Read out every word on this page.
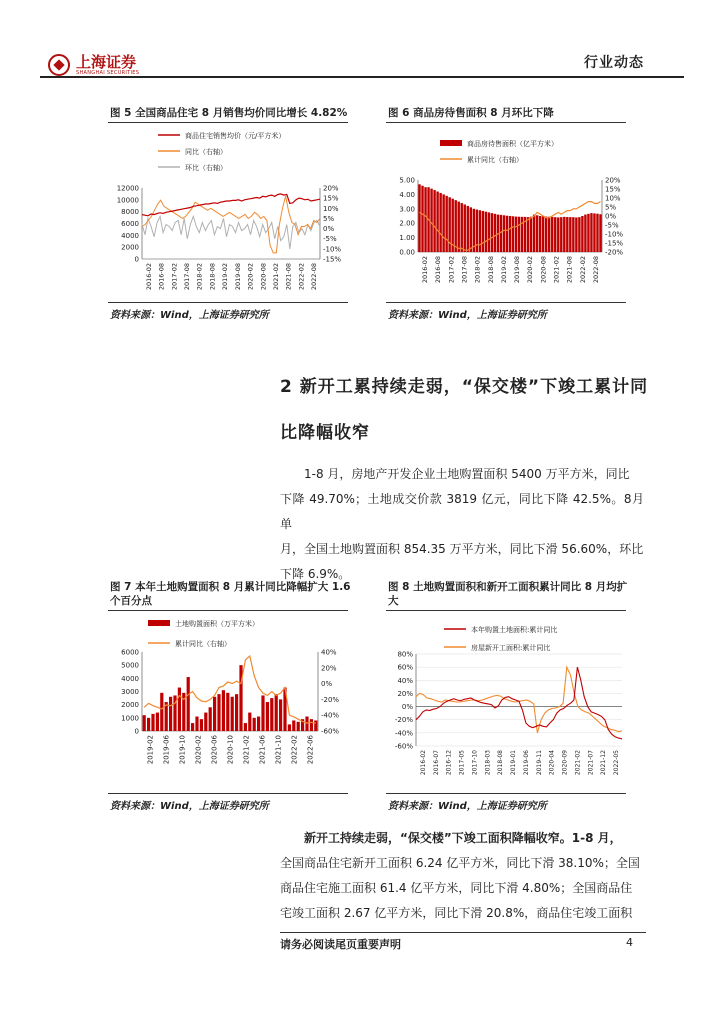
上海证券
SHANGHAI SECURITIES
行业动态
图 5 全国商品住宅 8 月销售均价同比增长 4.82%
商品住宅销售均价（元/平方米）
同比（右轴）
环比（右轴）
12000
10000
8000
6000
4000
2000
0
20%
15%
10%
5%
0%
-5%
-10%
-15%
2016-02 2016-08 2017-02 2017-08 2018-02 2018-08 2019-02 2019-08 2020-02 2020-08 2021-02 2021-08 2022-02 2022-08
资料来源：Wind，上海证券研究所
图 6 商品房待售面积 8 月环比下降
商品房待售面积（亿平方米）
累计同比（右轴）
5.00
4.00
3.00
2.00
1.00
0.00
20%
15%
10%
5%
0%
-5%
-10%
-15%
-20%
2016-02 2016-08 2017-02 2017-08 2018-02 2018-08 2019-02 2019-08 2020-02 2020-08 2021-02 2021-08 2022-02 2022-08
资料来源：Wind，上海证券研究所
2 新开工累持续走弱，“保交楼”下竣工累计同
比降幅收窄
1-8 月，房地产开发企业土地购置面积 5400 万平方米，同比
下降 49.70%；土地成交价款 3819 亿元，同比下降 42.5%。8月单
月，全国土地购置面积 854.35 万平方米，同比下滑 56.60%，环比
下降 6.9%。
图 7 本年土地购置面积 8 月累计同比降幅扩大 1.6
个百分点
土地购置面积（万平方米）
累计同比（右轴）
6000
5000
4000
3000
2000
1000
0
40%
20%
0%
-20%
-40%
-60%
2019-02 2019-06 2019-10 2020-02 2020-06 2020-10 2021-02 2021-06 2021-10 2022-02 2022-06
资料来源：Wind，上海证券研究所
图 8 土地购置面积和新开工面积累计同比 8 月均扩
大
本年购置土地面积:累计同比
房屋新开工面积:累计同比
80%
60%
40%
20%
0%
-20%
-40%
-60%
2016-02 2016-07 2016-12 2017-05 2017-10 2018-03 2018-08 2019-01 2019-06 2019-11 2020-04 2020-09 2021-02 2021-07 2021-12 2022-05
资料来源：Wind，上海证券研究所
新开工持续走弱，“保交楼”下竣工面积降幅收窄。1-8 月，
全国商品住宅新开工面积 6.24 亿平方米，同比下滑 38.10%；全国
商品住宅施工面积 61.4 亿平方米，同比下滑 4.80%；全国商品住
宅竣工面积 2.67 亿平方米，同比下滑 20.8%，商品住宅竣工面积
请务必阅读尾页重要声明	4
